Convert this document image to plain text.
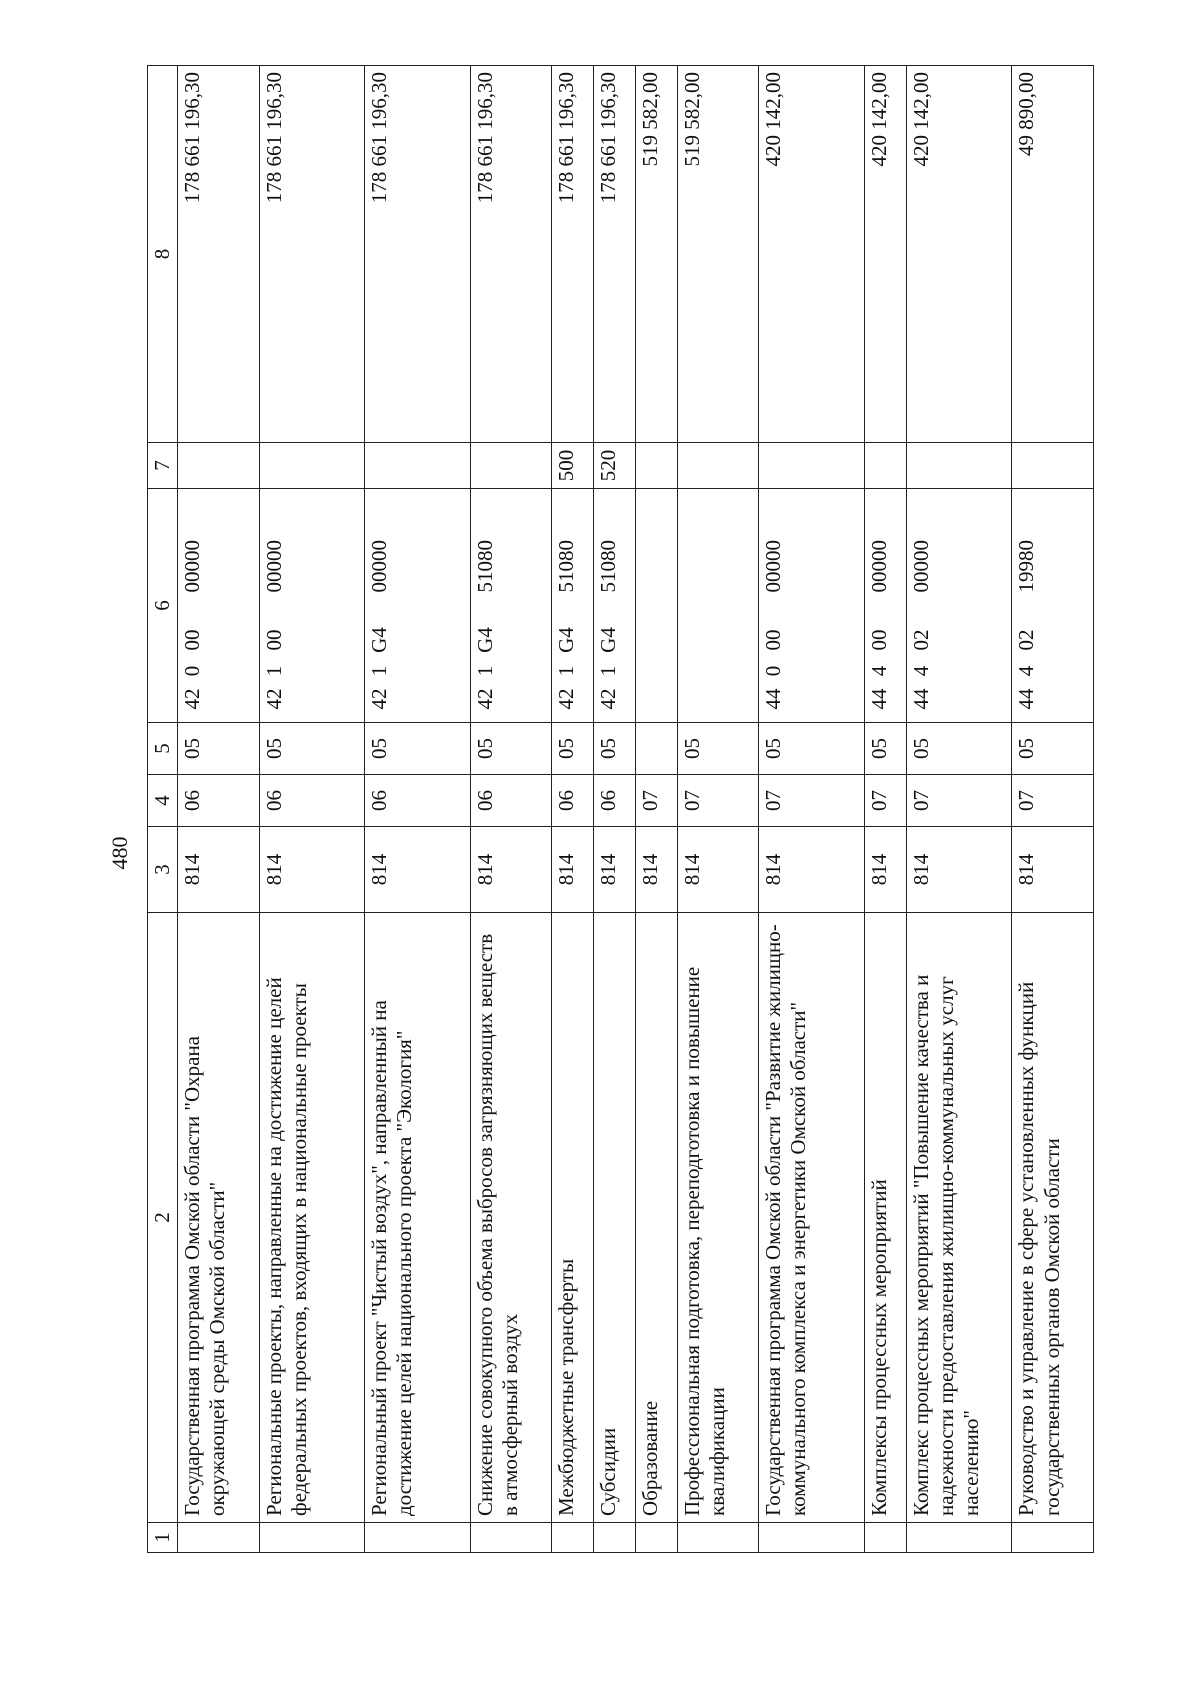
480
1	2	3	4	5	6	7	8
	Государственная программа Омской области "Охрана окружающей среды Омской области"	814	06	05	4200000000		178 661 196,30
	Региональные проекты, направленные на достижение целей федеральных проектов, входящих в национальные проекты	814	06	05	4210000000		178 661 196,30
	Региональный проект "Чистый воздух", направленный на достижение целей национального проекта "Экология"	814	06	05	421G400000		178 661 196,30
	Снижение совокупного объема выбросов загрязняющих веществ в атмосферный воздух	814	06	05	421G451080		178 661 196,30
	Межбюджетные трансферты	814	06	05	421G451080	500	178 661 196,30
	Субсидии	814	06	05	421G451080	520	178 661 196,30
	Образование	814	07				519 582,00
	Профессиональная подготовка, переподготовка и повышение квалификации	814	07	05			519 582,00
	Государственная программа Омской области "Развитие жилищно-коммунального комплекса и энергетики Омской области"	814	07	05	4400000000		420 142,00
	Комплексы процессных мероприятий	814	07	05	4440000000		420 142,00
	Комплекс процессных мероприятий "Повышение качества и надежности предоставления жилищно-коммунальных услуг населению"	814	07	05	4440200000		420 142,00
	Руководство и управление в сфере установленных функций государственных органов Омской области	814	07	05	4440219980		49 890,00
